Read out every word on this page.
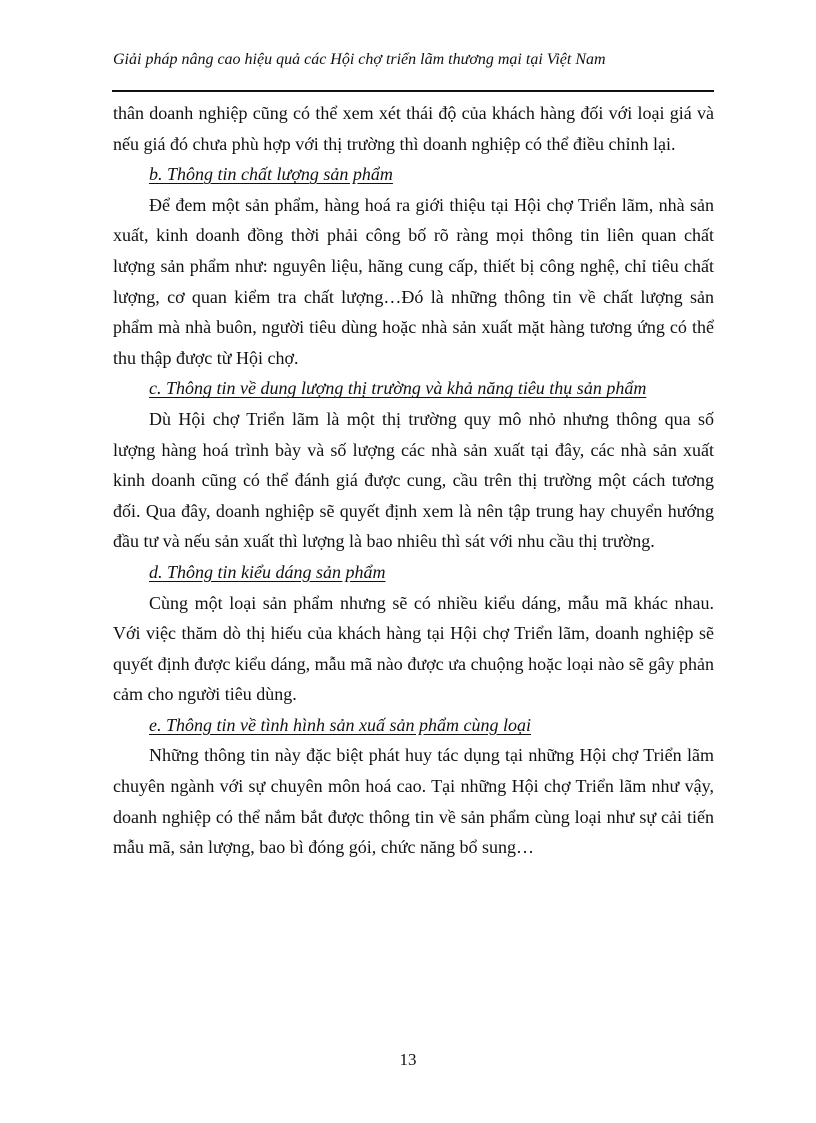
Giải pháp nâng cao hiệu quả các Hội chợ triển lãm thương mại tại Việt Nam

thân doanh nghiệp cũng có thể xem xét thái độ của khách hàng đối với loại giá và nếu giá đó chưa phù hợp với thị trường thì doanh nghiệp có thể điều chỉnh lại.

b. Thông tin chất lượng sản phẩm

Để đem một sản phẩm, hàng hoá ra giới thiệu tại Hội chợ Triển lãm, nhà sản xuất, kinh doanh đồng thời phải công bố rõ ràng mọi thông tin liên quan chất lượng sản phẩm như: nguyên liệu, hãng cung cấp, thiết bị công nghệ, chỉ tiêu chất lượng, cơ quan kiểm tra chất lượng…Đó là những thông tin về chất lượng sản phẩm mà nhà buôn, người tiêu dùng hoặc nhà sản xuất mặt hàng tương ứng có thể thu thập được từ Hội chợ.

c. Thông tin về dung lượng thị trường và khả năng tiêu thụ sản phẩm

Dù Hội chợ Triển lãm là một thị trường quy mô nhỏ nhưng thông qua số lượng hàng hoá trình bày và số lượng các nhà sản xuất tại đây, các nhà sản xuất kinh doanh cũng có thể đánh giá được cung, cầu trên thị trường một cách tương đối. Qua đây, doanh nghiệp sẽ quyết định xem là nên tập trung hay chuyển hướng đầu tư và nếu sản xuất thì lượng là bao nhiêu thì sát với nhu cầu thị trường.

d. Thông tin kiểu dáng sản phẩm

Cùng một loại sản phẩm nhưng sẽ có nhiều kiểu dáng, mẫu mã khác nhau. Với việc thăm dò thị hiếu của khách hàng tại Hội chợ Triển lãm, doanh nghiệp sẽ quyết định được kiểu dáng, mẫu mã nào được ưa chuộng hoặc loại nào sẽ gây phản cảm cho người tiêu dùng.

e. Thông tin về tình hình sản xuấ sản phẩm cùng loại

Những thông tin này đặc biệt phát huy tác dụng tại những Hội chợ Triển lãm chuyên ngành với sự chuyên môn hoá cao. Tại những Hội chợ Triển lãm như vậy, doanh nghiệp có thể nắm bắt được thông tin về sản phẩm cùng loại như sự cải tiến mẫu mã, sản lượng, bao bì đóng gói, chức năng bổ sung…

13
